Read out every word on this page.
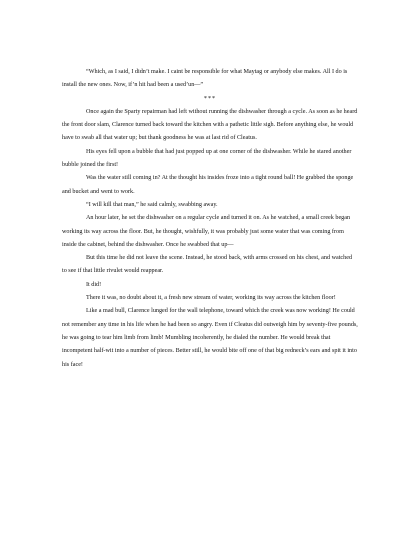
“Which, as I said, I didn’t make. I caint be responsible for what Maytag or anybody else makes. All I do is install the new ones. Now, if’n hit had been a used’un—”

***

Once again the Sparty repairman had left without running the dishwasher through a cycle. As soon as he heard the front door slam, Clarence turned back toward the kitchen with a pathetic little sigh. Before anything else, he would have to swab all that water up; but thank goodness he was at last rid of Cleatus.

His eyes fell upon a bubble that had just popped up at one corner of the dishwasher. While he stared another bubble joined the first!

Was the water still coming in? At the thought his insides froze into a tight round ball! He grabbed the sponge and bucket and went to work.

“I will kill that man,” he said calmly, swabbing away.

An hour later, he set the dishwasher on a regular cycle and turned it on. As he watched, a small creek began working its way across the floor. But, he thought, wishfully, it was probably just some water that was coming from inside the cabinet, behind the dishwasher. Once he swabbed that up—

But this time he did not leave the scene. Instead, he stood back, with arms crossed on his chest, and watched to see if that little rivulet would reappear.

It did!

There it was, no doubt about it, a fresh new stream of water, working its way across the kitchen floor!

Like a mad bull, Clarence lunged for the wall telephone, toward which the creek was now working! He could not remember any time in his life when he had been so angry. Even if Cleatus did outweigh him by seventy-five pounds, he was going to tear him limb from limb! Mumbling incoherently, he dialed the number. He would break that incompetent half-wit into a number of pieces. Better still, he would bite off one of that big redneck’s ears and spit it into his face!
